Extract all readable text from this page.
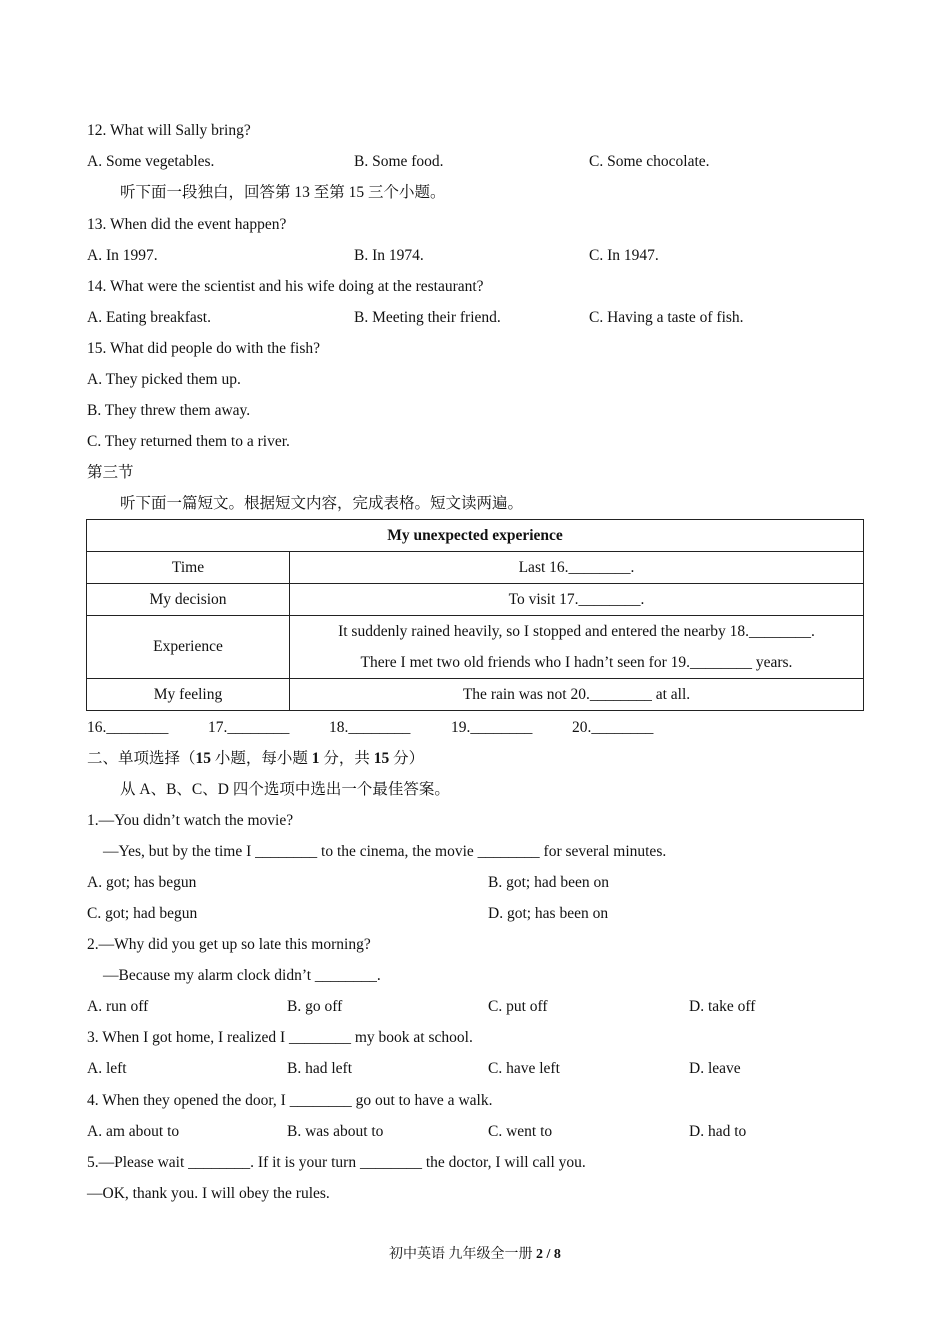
12. What will Sally bring?
A. Some vegetables.	B. Some food.	C. Some chocolate.
听下面一段独白，回答第 13 至第 15 三个小题。
13. When did the event happen?
A. In 1997.	B. In 1974.	C. In 1947.
14. What were the scientist and his wife doing at the restaurant?
A. Eating breakfast.	B. Meeting their friend.	C. Having a taste of fish.
15. What did people do with the fish?
A. They picked them up.
B. They threw them away.
C. They returned them to a river.
第三节
听下面一篇短文。根据短文内容，完成表格。短文读两遍。
My unexpected experience	
Time	Last 16.________.
My decision	To visit 17.________.
Experience	It suddenly rained heavily, so I stopped and entered the nearby 18.________.
There I met two old friends who I hadn’t seen for 19.________ years.

My feeling	The rain was not 20.________ at all.
16.________	17.________	18.________	19.________	20.________
二、单项选择（15 小题，每小题 1 分，共 15 分）
从 A、B、C、D 四个选项中选出一个最佳答案。
1.—You didn’t watch the movie?
—Yes, but by the time I ________ to the cinema, the movie ________ for several minutes.
A. got; has begun	B. got; had been on
C. got; had begun	D. got; has been on
2.—Why did you get up so late this morning?
—Because my alarm clock didn’t ________.
A. run off	B. go off	C. put off	D. take off
3. When I got home, I realized I ________ my book at school.
A. left	B. had left	C. have left	D. leave
4. When they opened the door, I ________ go out to have a walk.
A. am about to	B. was about to	C. went to	D. had to
5.—Please wait ________. If it is your turn ________ the doctor, I will call you.
—OK, thank you. I will obey the rules.
初中英语 九年级全一册 2 / 8
